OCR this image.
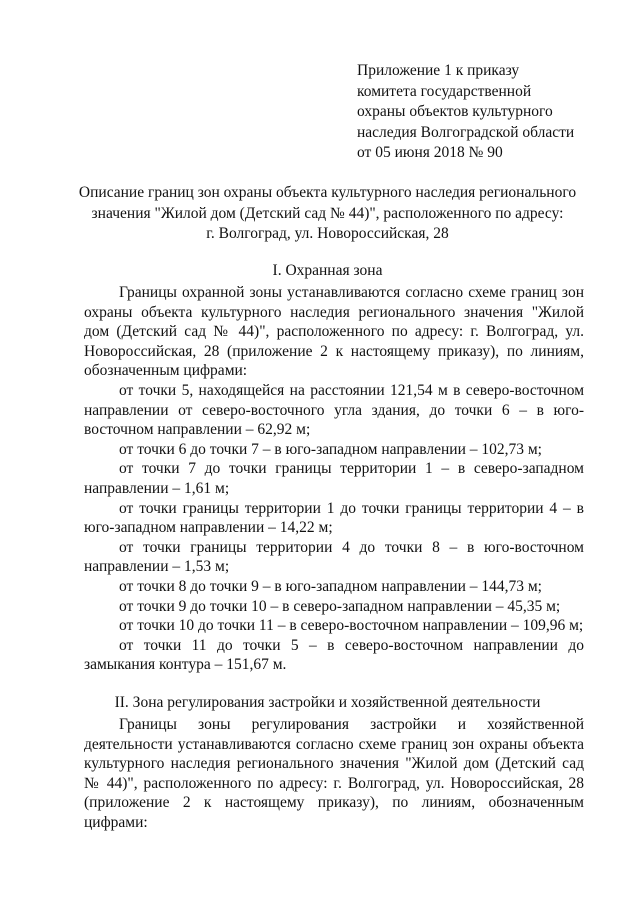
Приложение 1 к приказу
комитета государственной
охраны объектов культурного
наследия Волгоградской области
от 05 июня 2018 № 90
Описание границ зон охраны объекта культурного наследия регионального
значения "Жилой дом (Детский сад № 44)", расположенного по адресу:
г. Волгоград, ул. Новороссийская, 28
I. Охранная зона

Границы охранной зоны устанавливаются согласно схеме границ зон охраны объекта культурного наследия регионального значения "Жилой дом (Детский сад № 44)", расположенного по адресу: г. Волгоград, ул. Новороссийская, 28 (приложение 2 к настоящему приказу), по линиям, обозначенным цифрами:

от точки 5, находящейся на расстоянии 121,54 м в северо-восточном направлении от северо-восточного угла здания, до точки 6 – в юго-восточном направлении – 62,92 м;

от точки 6 до точки 7 – в юго-западном направлении – 102,73 м;

от точки 7 до точки границы территории 1 – в северо-западном направлении – 1,61 м;

от точки границы территории 1 до точки границы территории 4 – в юго-западном направлении – 14,22 м;

от точки границы территории 4 до точки 8 – в юго-восточном направлении – 1,53 м;

от точки 8 до точки 9 – в юго-западном направлении – 144,73 м;

от точки 9 до точки 10 – в северо-западном направлении – 45,35 м;

от точки 10 до точки 11 – в северо-восточном направлении – 109,96 м;

от точки 11 до точки 5 – в северо-восточном направлении до замыкания контура – 151,67 м.

II. Зона регулирования застройки и хозяйственной деятельности

Границы зоны регулирования застройки и хозяйственной деятельности устанавливаются согласно схеме границ зон охраны объекта культурного наследия регионального значения "Жилой дом (Детский сад № 44)", расположенного по адресу: г. Волгоград, ул. Новороссийская, 28 (приложение 2 к настоящему приказу), по линиям, обозначенным цифрами:
